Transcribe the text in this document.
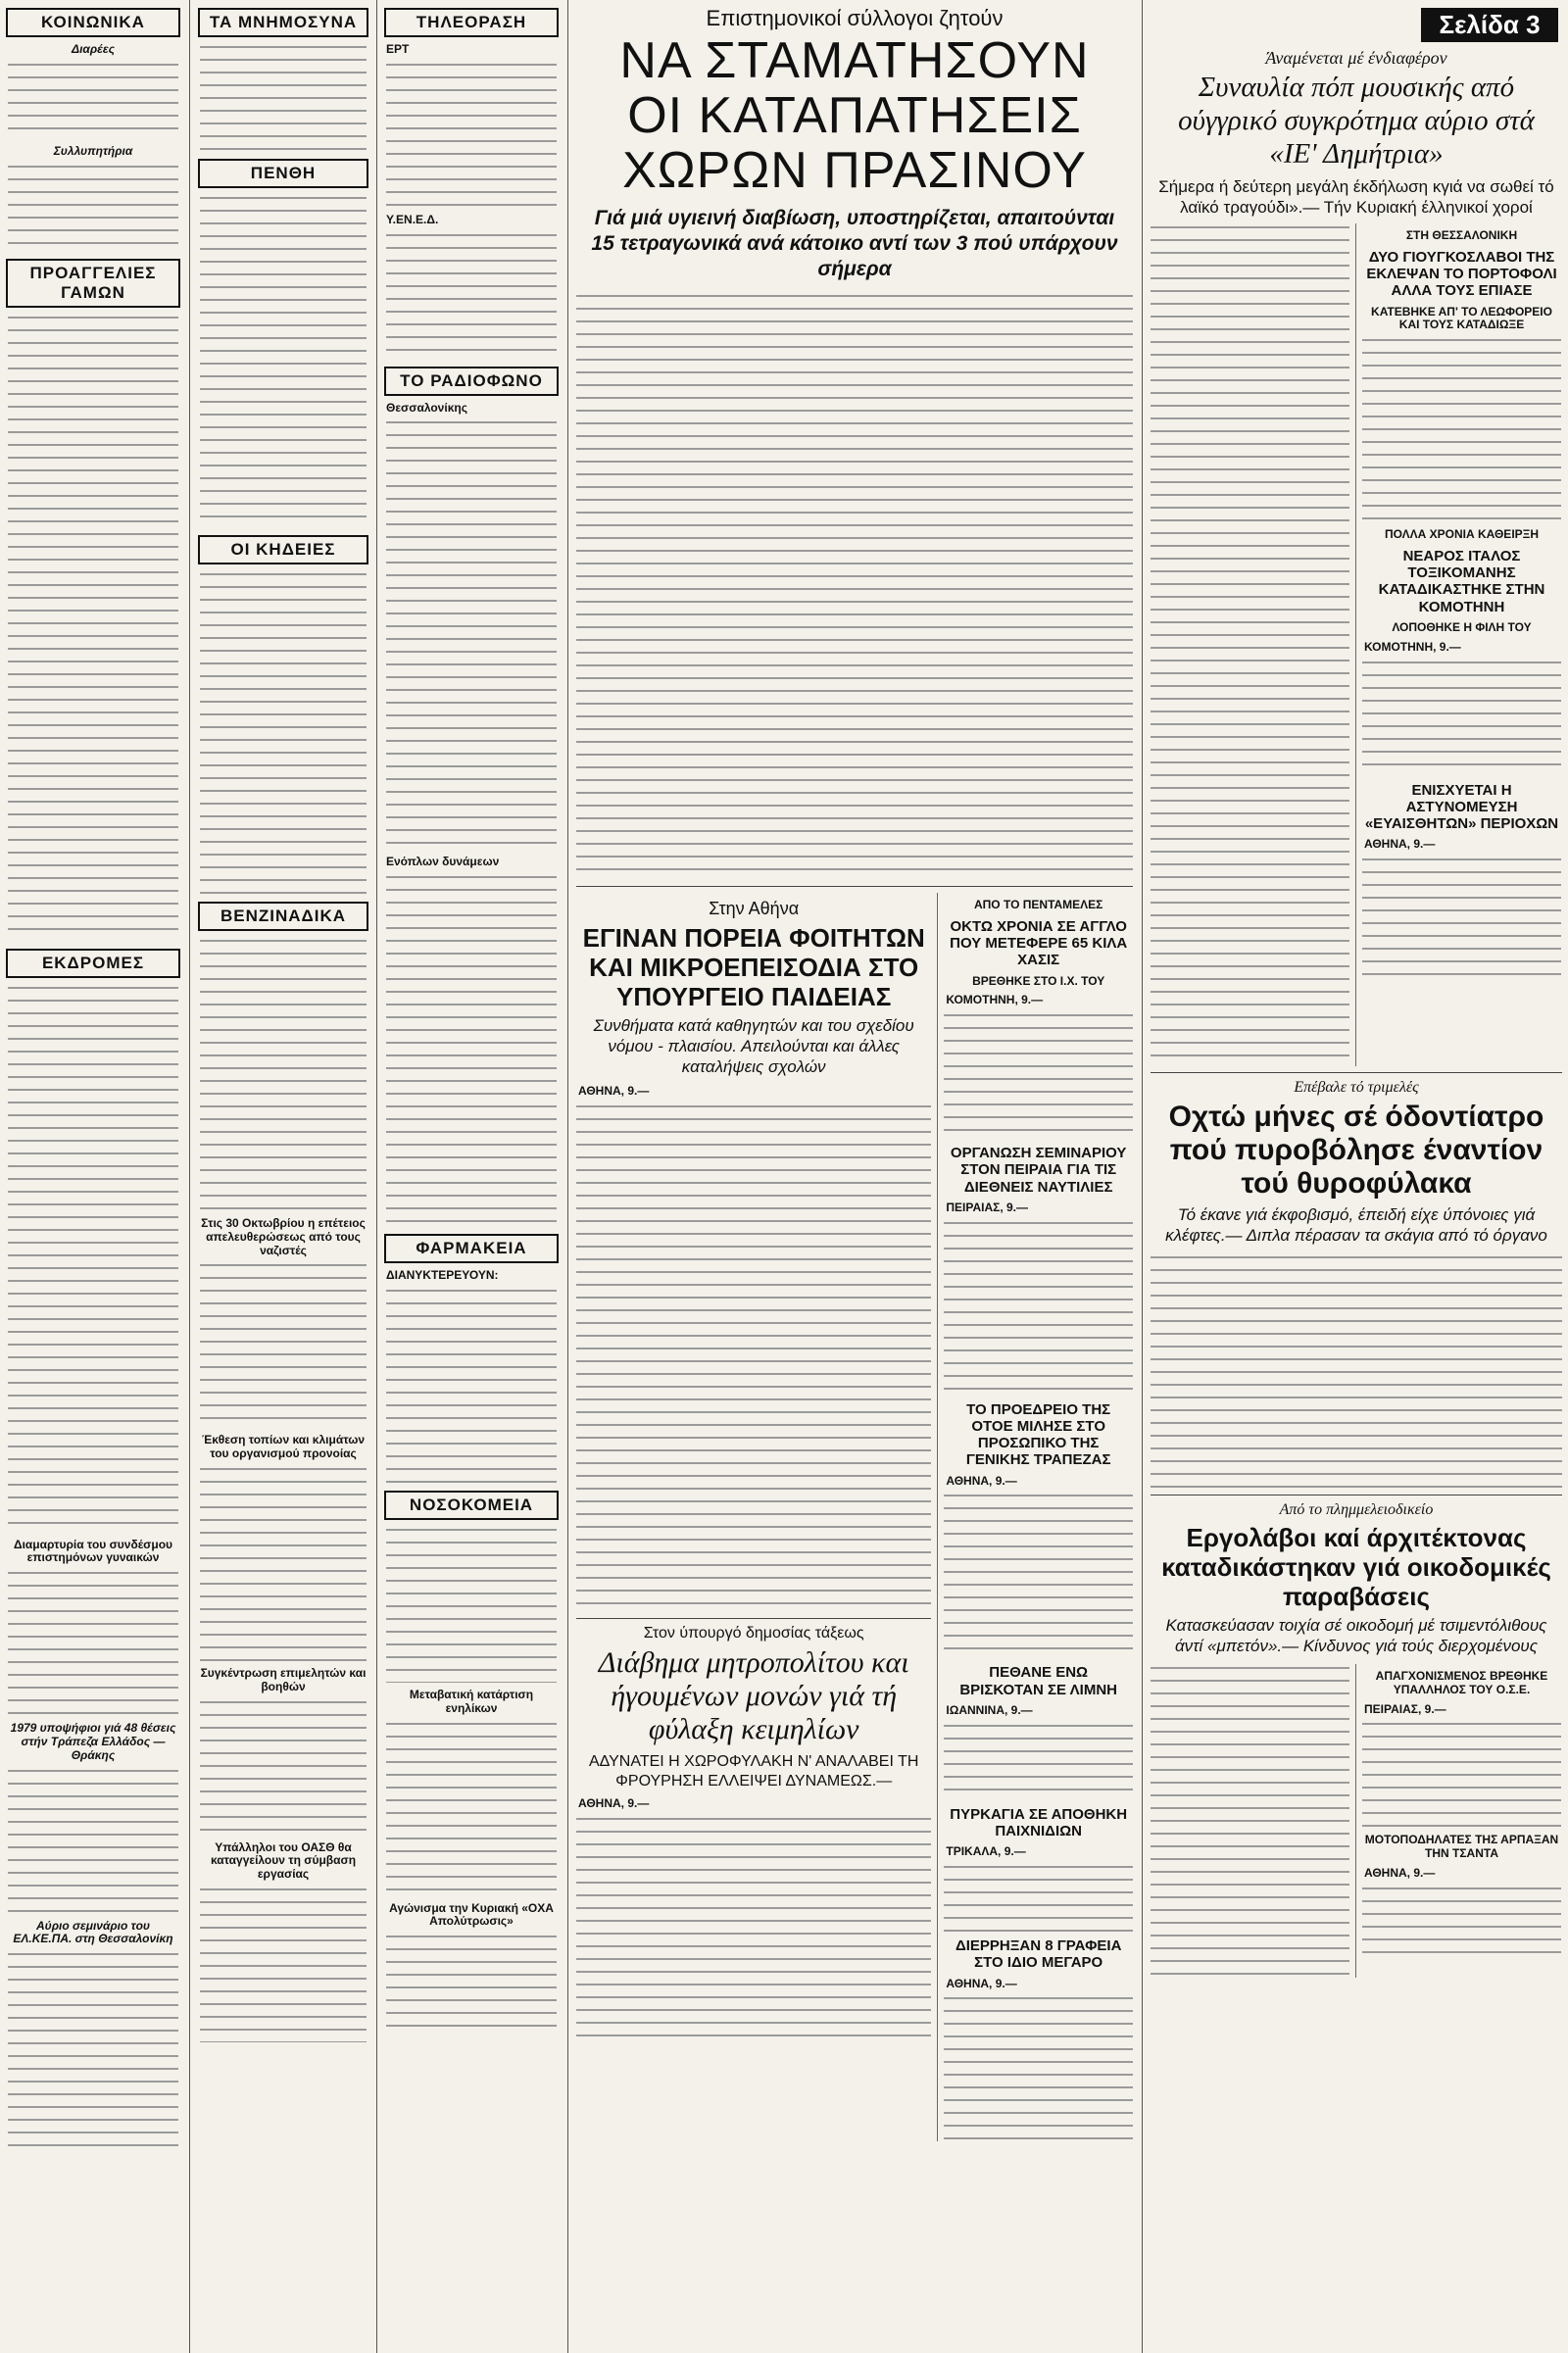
ΚΟΙΝΩΝΙΚΑ
Διαρέες
Συλλυπητήρια
ΠΡΟΑΓΓΕΛΙΕΣ ΓΑΜΩΝ
ΕΚΔΡΟΜΕΣ
Διαμαρτυρία του συνδέσμου επιστημόνων γυναικών
1979 υποψήφιοι γιά 48 θέσεις στήν Τράπεζα Ελλάδος — Θράκης
Αύριο σεμινάριο του ΕΛ.ΚΕ.ΠΑ. στη Θεσσαλονίκη
ΤΑ ΜΝΗΜΟΣΥΝΑ
ΠΕΝΘΗ
ΟΙ ΚΗΔΕΙΕΣ
ΒΕΝΖΙΝΑΔΙΚΑ
Στις 30 Οκτωβρίου η επέτειος απελευθερώσεως από τους ναζιστές
Έκθεση τοπίων και κλιμάτων του οργανισμού προνοίας
Συγκέντρωση επιμελητών και βοηθών
Υπάλληλοι του ΟΑΣΘ θα καταγγείλουν τη σύμβαση εργασίας
ΤΗΛΕΟΡΑΣΗ
ΕΡΤ
Υ.ΕΝ.Ε.Δ.
ΤΟ ΡΑΔΙΟΦΩΝΟ
Θεσσαλονίκης
Ενόπλων δυνάμεων
ΦΑΡΜΑΚΕΙΑ
ΔΙΑΝΥΚΤΕΡΕΥΟΥΝ:
ΝΟΣΟΚΟΜΕΙΑ
Μεταβατική κατάρτιση ενηλίκων
Αγώνισμα την Κυριακή «ΟΧΑ Απολύτρωσις»
Επιστημονικοί σύλλογοι ζητούν
ΝΑ ΣΤΑΜΑΤΗΣΟΥΝ
ΟΙ ΚΑΤΑΠΑΤΗΣΕΙΣ
ΧΩΡΩΝ ΠΡΑΣΙΝΟΥ
Γιά μιά υγιεινή διαβίωση, υποστηρίζεται, απαιτούνται 15 τετραγωνικά ανά κάτοικο αντί των 3 πού υπάρχουν σήμερα
Στην Αθήνα
ΕΓΙΝΑΝ ΠΟΡΕΙΑ ΦΟΙΤΗΤΩΝ ΚΑΙ ΜΙΚΡΟΕΠΕΙΣΟΔΙΑ ΣΤΟ ΥΠΟΥΡΓΕΙΟ ΠΑΙΔΕΙΑΣ
Συνθήματα κατά καθηγητών και του σχεδίου νόμου - πλαισίου. Απειλούνται και άλλες καταλήψεις σχολών
ΑΘΗΝΑ, 9.—
Στον ύπουργό δημοσίας τάξεως
Διάβημα μητροπολίτου και ήγουμένων μονών γιά τή φύλαξη κειμηλίων
ΑΔΥΝΑΤΕΙ Η ΧΩΡΟΦΥΛΑΚΗ Ν' ΑΝΑΛΑΒΕΙ ΤΗ ΦΡΟΥΡΗΣΗ ΕΛΛΕΙΨΕΙ ΔΥΝΑΜΕΩΣ.—
ΑΘΗΝΑ, 9.—
ΑΠΟ ΤΟ ΠΕΝΤΑΜΕΛΕΣ
ΟΚΤΩ ΧΡΟΝΙΑ ΣΕ ΑΓΓΛΟ ΠΟΥ ΜΕΤΕΦΕΡΕ 65 ΚΙΛΑ ΧΑΣΙΣ
ΒΡΕΘΗΚΕ ΣΤΟ Ι.Χ. ΤΟΥ
ΚΟΜΟΤΗΝΗ, 9.—
ΟΡΓΑΝΩΣΗ ΣΕΜΙΝΑΡΙΟΥ ΣΤΟΝ ΠΕΙΡΑΙΑ ΓΙΑ ΤΙΣ ΔΙΕΘΝΕΙΣ ΝΑΥΤΙΛΙΕΣ
ΠΕΙΡΑΙΑΣ, 9.—
ΤΟ ΠΡΟΕΔΡΕΙΟ ΤΗΣ ΟΤΟΕ ΜΙΛΗΣΕ ΣΤΟ ΠΡΟΣΩΠΙΚΟ ΤΗΣ ΓΕΝΙΚΗΣ ΤΡΑΠΕΖΑΣ
ΑΘΗΝΑ, 9.—
ΠΕΘΑΝΕ ΕΝΩ ΒΡΙΣΚΟΤΑΝ ΣΕ ΛΙΜΝΗ
ΙΩΑΝΝΙΝΑ, 9.—
ΠΥΡΚΑΓΙΑ ΣΕ ΑΠΟΘΗΚΗ ΠΑΙΧΝΙΔΙΩΝ
ΤΡΙΚΑΛΑ, 9.—
ΔΙΕΡΡΗΞΑΝ 8 ΓΡΑΦΕΙΑ ΣΤΟ ΙΔΙΟ ΜΕΓΑΡΟ
ΑΘΗΝΑ, 9.—
Σελίδα 3
Άναμένεται μέ ένδιαφέρον
Συναυλία πόπ μουσικής από ούγγρικό συγκρότημα αύριο στά «ΙΕ' Δημήτρια»
Σήμερα ή δεύτερη μεγάλη έκδήλωση κγιά να σωθεί τό λαϊκό τραγούδι».— Τήν Κυριακή έλληνικοί χοροί
ΣΤΗ ΘΕΣΣΑΛΟΝΙΚΗ
ΔΥΟ ΓΙΟΥΓΚΟΣΛΑΒΟΙ ΤΗΣ ΕΚΛΕΨΑΝ ΤΟ ΠΟΡΤΟΦΟΛΙ ΑΛΛΑ ΤΟΥΣ ΕΠΙΑΣΕ
ΚΑΤΕΒΗΚΕ ΑΠ' ΤΟ ΛΕΩΦΟΡΕΙΟ ΚΑΙ ΤΟΥΣ ΚΑΤΑΔΙΩΞΕ
ΠΟΛΛΑ ΧΡΟΝΙΑ ΚΑΘΕΙΡΞΗ
ΝΕΑΡΟΣ ΙΤΑΛΟΣ ΤΟΞΙΚΟΜΑΝΗΣ ΚΑΤΑΔΙΚΑΣΤΗΚΕ ΣΤΗΝ ΚΟΜΟΤΗΝΗ
ΛΟΠΟΘΗΚΕ Η ΦΙΛΗ ΤΟΥ
ΚΟΜΟΤΗΝΗ, 9.—
ΕΝΙΣΧΥΕΤΑΙ Η ΑΣΤΥΝΟΜΕΥΣΗ «ΕΥΑΙΣΘΗΤΩΝ» ΠΕΡΙΟΧΩΝ
ΑΘΗΝΑ, 9.—
Επέβαλε τό τριμελές
Οχτώ μήνες σέ όδοντίατρο πού πυροβόλησε έναντίον τού θυροφύλακα
Τό έκανε γιά έκφοβισμό, έπειδή είχε ύπόνοιες γιά κλέφτες.— Διπλα πέρασαν τα σκάγια από τό όργανο
Από το πλημμελειοδικείο
Εργολάβοι καί άρχιτέκτονας καταδικάστηκαν γιά οικοδομικές παραβάσεις
Κατασκεύασαν τοιχία σέ οικοδομή μέ τσιμεντόλιθους άντί «μπετόν».— Κίνδυνος γιά τούς διερχομένους
ΑΠΑΓΧΟΝΙΣΜΕΝΟΣ ΒΡΕΘΗΚΕ ΥΠΑΛΛΗΛΟΣ ΤΟΥ Ο.Σ.Ε.
ΠΕΙΡΑΙΑΣ, 9.—
ΜΟΤΟΠΟΔΗΛΑΤΕΣ ΤΗΣ ΑΡΠΑΞΑΝ ΤΗΝ ΤΣΑΝΤΑ
ΑΘΗΝΑ, 9.—
